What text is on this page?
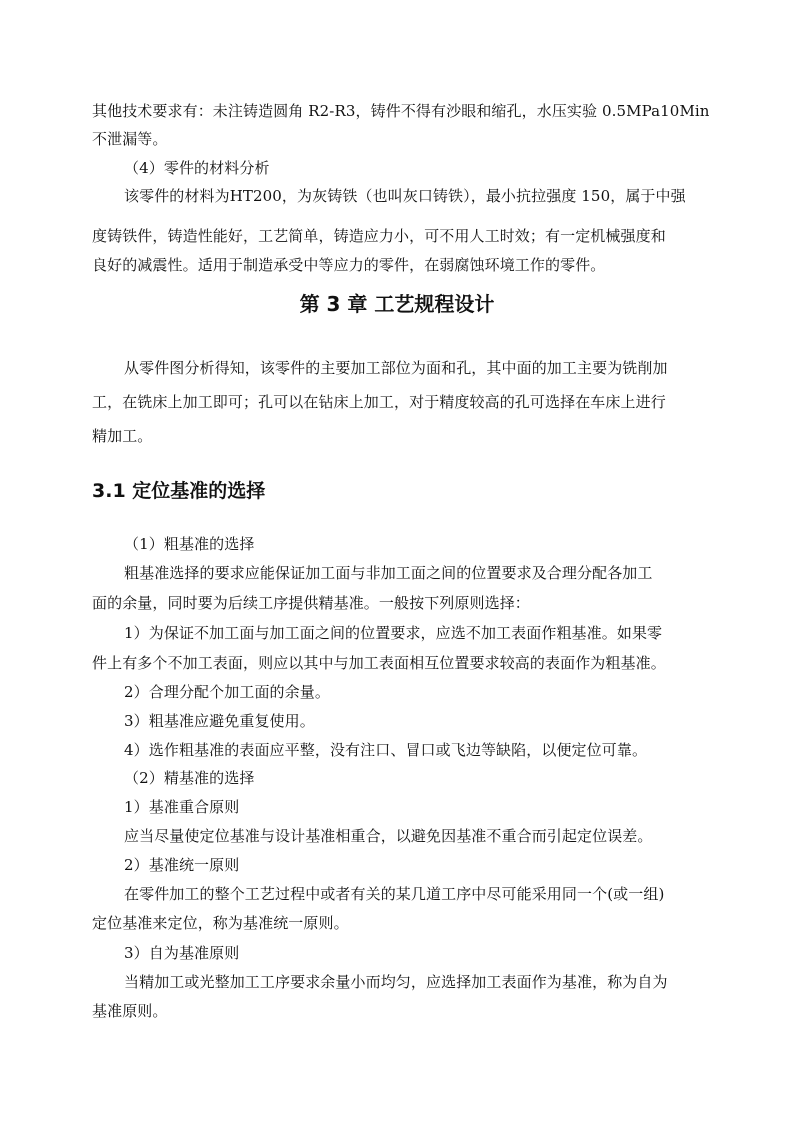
其他技术要求有：未注铸造圆角 R2-R3，铸件不得有沙眼和缩孔，水压实验 0.5MPa10Min
不泄漏等。
（4）零件的材料分析
该零件的材料为HT200，为灰铸铁（也叫灰口铸铁），最小抗拉强度 150，属于中强
度铸铁件，铸造性能好，工艺简单，铸造应力小，可不用人工时效；有一定机械强度和
良好的减震性。适用于制造承受中等应力的零件，在弱腐蚀环境工作的零件。
第 3 章 工艺规程设计
从零件图分析得知，该零件的主要加工部位为面和孔，其中面的加工主要为铣削加
工，在铣床上加工即可；孔可以在钻床上加工，对于精度较高的孔可选择在车床上进行
精加工。
3.1 定位基准的选择
（1）粗基准的选择
粗基准选择的要求应能保证加工面与非加工面之间的位置要求及合理分配各加工
面的余量，同时要为后续工序提供精基准。一般按下列原则选择：
1）为保证不加工面与加工面之间的位置要求，应选不加工表面作粗基准。如果零
件上有多个不加工表面，则应以其中与加工表面相互位置要求较高的表面作为粗基准。
2）合理分配个加工面的余量。
3）粗基准应避免重复使用。
4）选作粗基准的表面应平整，没有注口、冒口或飞边等缺陷，以便定位可靠。
（2）精基准的选择
1）基准重合原则
应当尽量使定位基准与设计基准相重合，以避免因基准不重合而引起定位误差。
2）基准统一原则
在零件加工的整个工艺过程中或者有关的某几道工序中尽可能采用同一个(或一组)
定位基准来定位，称为基准统一原则。
3）自为基准原则
当精加工或光整加工工序要求余量小而均匀，应选择加工表面作为基准，称为自为
基准原则。
